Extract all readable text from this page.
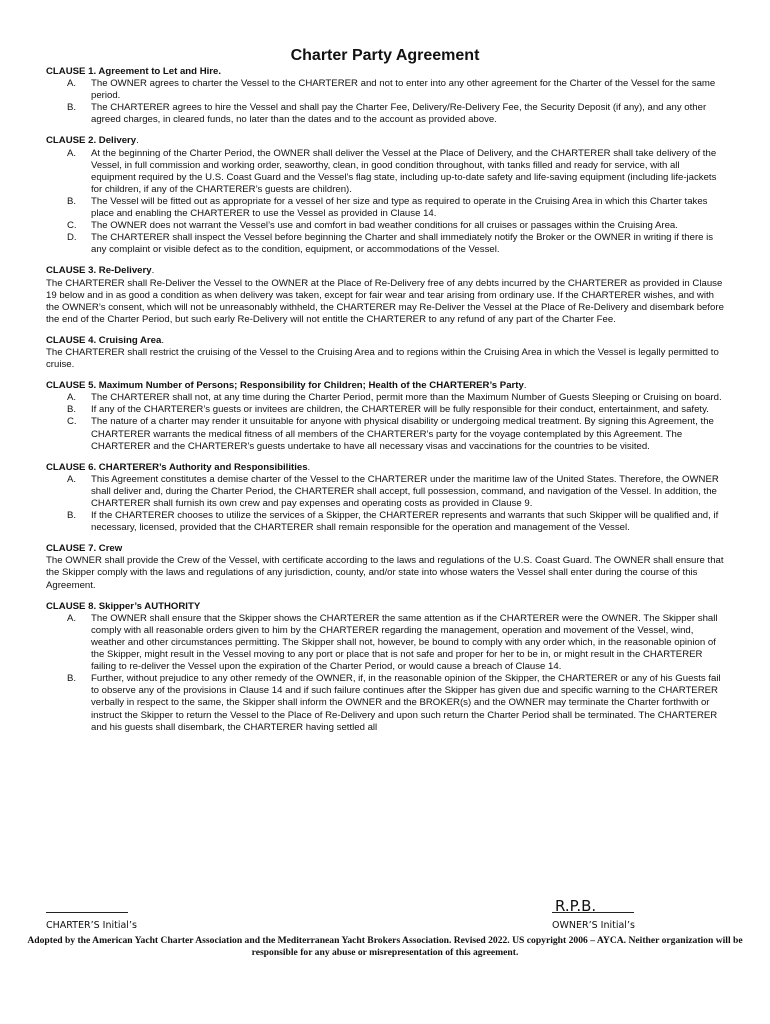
Charter Party Agreement

CLAUSE 1. Agreement to Let and Hire.

A. The OWNER agrees to charter the Vessel to the CHARTERER and not to enter into any other agreement for the Charter of the Vessel for the same period.
B. The CHARTERER agrees to hire the Vessel and shall pay the Charter Fee, Delivery/Re-Delivery Fee, the Security Deposit (if any), and any other agreed charges, in cleared funds, no later than the dates and to the account as provided above.

CLAUSE 2. Delivery.

A. At the beginning of the Charter Period, the OWNER shall deliver the Vessel at the Place of Delivery, and the CHARTERER shall take delivery of the Vessel, in full commission and working order, seaworthy, clean, in good condition throughout, with tanks filled and ready for service, with all equipment required by the U.S. Coast Guard and the Vessel’s flag state, including up-to-date safety and life-saving equipment (including life-jackets for children, if any of the CHARTERER’s guests are children).
B. The Vessel will be fitted out as appropriate for a vessel of her size and type as required to operate in the Cruising Area in which this Charter takes place and enabling the CHARTERER to use the Vessel as provided in Clause 14.
C. The OWNER does not warrant the Vessel’s use and comfort in bad weather conditions for all cruises or passages within the Cruising Area.
D. The CHARTERER shall inspect the Vessel before beginning the Charter and shall immediately notify the Broker or the OWNER in writing if there is any complaint or visible defect as to the condition, equipment, or accommodations of the Vessel.

CLAUSE 3. Re-Delivery.

The CHARTERER shall Re-Deliver the Vessel to the OWNER at the Place of Re-Delivery free of any debts incurred by the CHARTERER as provided in Clause 19 below and in as good a condition as when delivery was taken, except for fair wear and tear arising from ordinary use. If the CHARTERER wishes, and with the OWNER’s consent, which will not be unreasonably withheld, the CHARTERER may Re-Deliver the Vessel at the Place of Re-Delivery and disembark before the end of the Charter Period, but such early Re-Delivery will not entitle the CHARTERER to any refund of any part of the Charter Fee.

CLAUSE 4. Cruising Area.

The CHARTERER shall restrict the cruising of the Vessel to the Cruising Area and to regions within the Cruising Area in which the Vessel is legally permitted to cruise.

CLAUSE 5. Maximum Number of Persons; Responsibility for Children; Health of the CHARTERER’s Party.

A. The CHARTERER shall not, at any time during the Charter Period, permit more than the Maximum Number of Guests Sleeping or Cruising on board.
B. If any of the CHARTERER’s guests or invitees are children, the CHARTERER will be fully responsible for their conduct, entertainment, and safety.
C. The nature of a charter may render it unsuitable for anyone with physical disability or undergoing medical treatment. By signing this Agreement, the CHARTERER warrants the medical fitness of all members of the CHARTERER’s party for the voyage contemplated by this Agreement. The CHARTERER and the CHARTERER’s guests undertake to have all necessary visas and vaccinations for the countries to be visited.

CLAUSE 6. CHARTERER’s Authority and Responsibilities.

A. This Agreement constitutes a demise charter of the Vessel to the CHARTERER under the maritime law of the United States. Therefore, the OWNER shall deliver and, during the Charter Period, the CHARTERER shall accept, full possession, command, and navigation of the Vessel. In addition, the CHARTERER shall furnish its own crew and pay expenses and operating costs as provided in Clause 9.
B. If the CHARTERER chooses to utilize the services of a Skipper, the CHARTERER represents and warrants that such Skipper will be qualified and, if necessary, licensed, provided that the CHARTERER shall remain responsible for the operation and management of the Vessel.

CLAUSE 7. Crew

The OWNER shall provide the Crew of the Vessel, with certificate according to the laws and regulations of the U.S. Coast Guard. The OWNER shall ensure that the Skipper comply with the laws and regulations of any jurisdiction, county, and/or state into whose waters the Vessel shall enter during the course of this Agreement.

CLAUSE 8. Skipper’s AUTHORITY

A. The OWNER shall ensure that the Skipper shows the CHARTERER the same attention as if the CHARTERER were the OWNER. The Skipper shall comply with all reasonable orders given to him by the CHARTERER regarding the management, operation and movement of the Vessel, wind, weather and other circumstances permitting. The Skipper shall not, however, be bound to comply with any order which, in the reasonable opinion of the Skipper, might result in the Vessel moving to any port or place that is not safe and proper for her to be in, or might result in the CHARTERER failing to re-deliver the Vessel upon the expiration of the Charter Period, or would cause a breach of Clause 14.
B. Further, without prejudice to any other remedy of the OWNER, if, in the reasonable opinion of the Skipper, the CHARTERER or any of his Guests fail to observe any of the provisions in Clause 14 and if such failure continues after the Skipper has given due and specific warning to the CHARTERER verbally in respect to the same, the Skipper shall inform the OWNER and the BROKER(s) and the OWNER may terminate the Charter forthwith or instruct the Skipper to return the Vessel to the Place of Re-Delivery and upon such return the Charter Period shall be terminated. The CHARTERER and his guests shall disembark, the CHARTERER having settled all
R.P.B.
CHARTER’S Initial’s	OWNER’S Initial’s

Adopted by the American Yacht Charter Association and the Mediterranean Yacht Brokers Association. Revised 2022. US copyright 2006 – AYCA. Neither organization will be responsible for any abuse or misrepresentation of this agreement.
